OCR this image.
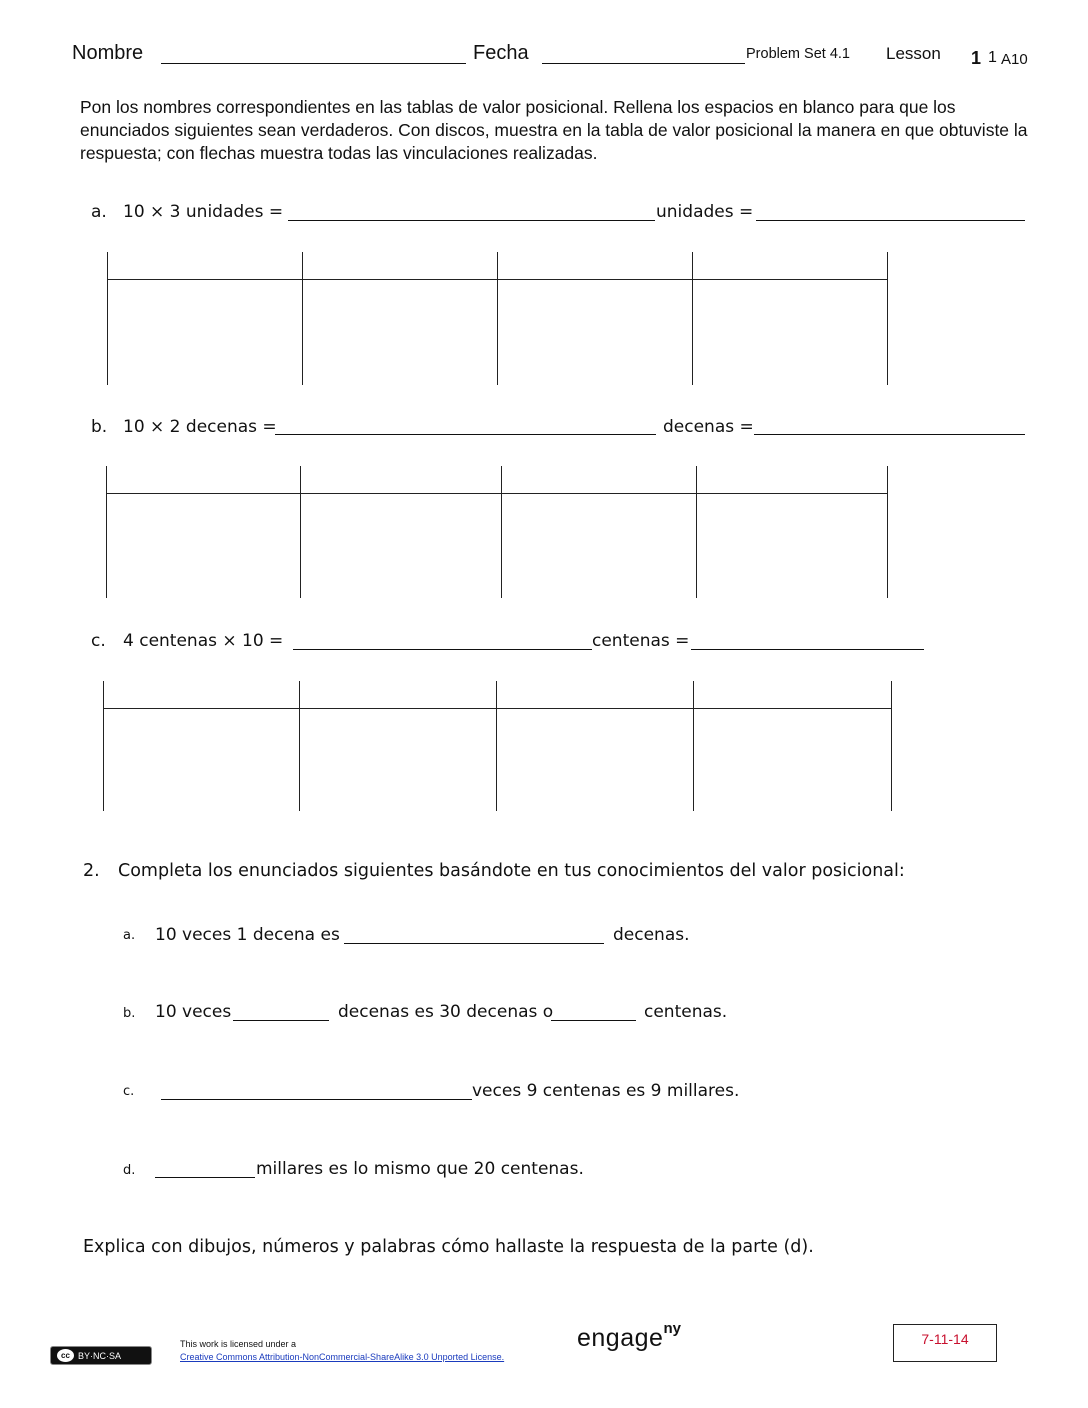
Nombre	Fecha	Problem Set 4.1 Lesson 1 1 A10

Pon los nombres correspondientes en las tablas de valor posicional. Rellena los espacios en blanco para que los enunciados siguientes sean verdaderos. Con discos, muestra en la tabla de valor posicional la manera en que obtuviste la respuesta; con flechas muestra todas las vinculaciones realizadas.

a. 10 × 3 unidades =	unidades =
b. 10 × 2 decenas =	decenas =
c. 4 centenas × 10 =	centenas =
2. Completa los enunciados siguientes basándote en tus conocimientos del valor posicional:
a. 10 veces 1 decena es	decenas.
b. 10 veces	decenas es 30 decenas o	centenas.
c.	veces 9 centenas es 9 millares.
d.	millares es lo mismo que 20 centenas.
Explica con dibujos, números y palabras cómo hallaste la respuesta de la parte (d).
cc BY·NC·SA
This work is licensed under a
Creative Commons Attribution-NonCommercial-ShareAlike 3.0 Unported License.
engageny
7-11-14
